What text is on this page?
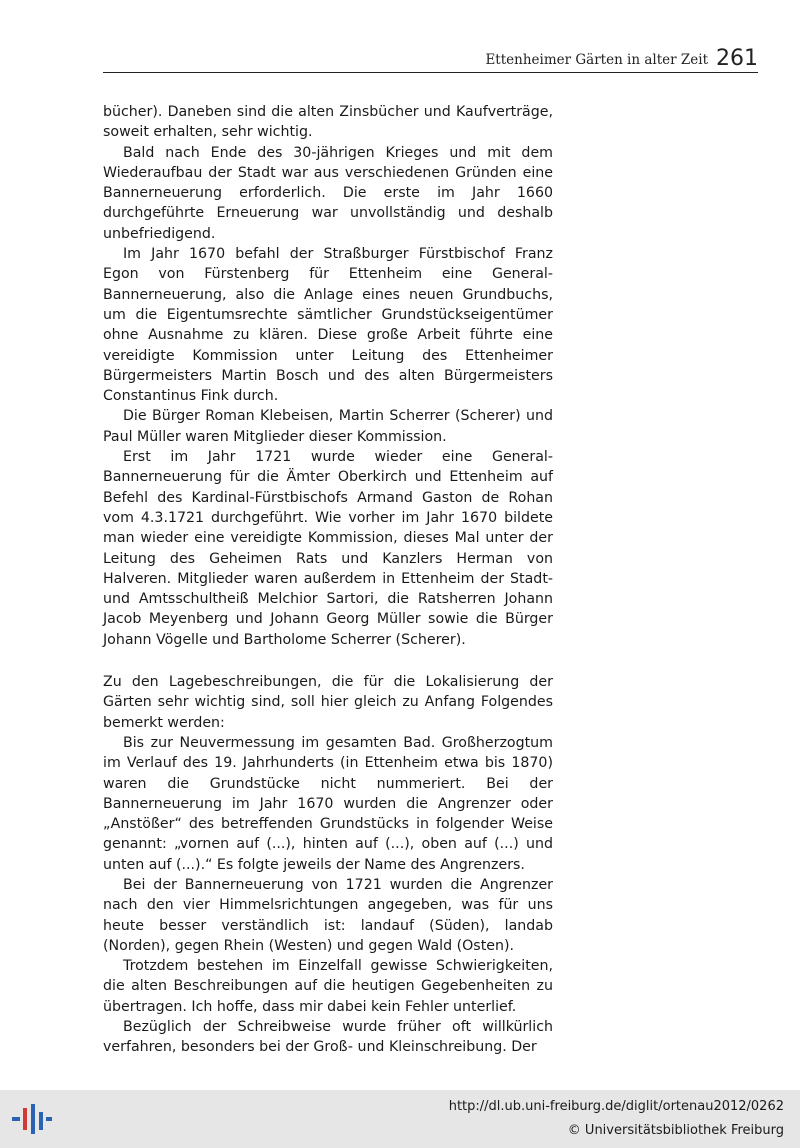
Ettenheimer Gärten in alter Zeit 261

bücher). Daneben sind die alten Zinsbücher und Kaufverträge, soweit erhalten, sehr wichtig.

Bald nach Ende des 30-jährigen Krieges und mit dem Wiederaufbau der Stadt war aus verschiedenen Gründen eine Bannerneuerung erforderlich. Die erste im Jahr 1660 durchgeführte Erneuerung war unvollständig und deshalb unbefriedigend.

Im Jahr 1670 befahl der Straßburger Fürstbischof Franz Egon von Fürstenberg für Ettenheim eine General-Bannerneuerung, also die Anlage eines neuen Grundbuchs, um die Eigentumsrechte sämtlicher Grundstückseigentümer ohne Ausnahme zu klären. Diese große Arbeit führte eine vereidigte Kommission unter Leitung des Ettenheimer Bürgermeisters Martin Bosch und des alten Bürgermeisters Constantinus Fink durch.

Die Bürger Roman Klebeisen, Martin Scherrer (Scherer) und Paul Müller waren Mitglieder dieser Kommission.

Erst im Jahr 1721 wurde wieder eine General-Bannerneuerung für die Ämter Oberkirch und Ettenheim auf Befehl des Kardinal-Fürstbischofs Armand Gaston de Rohan vom 4.3.1721 durchgeführt. Wie vorher im Jahr 1670 bildete man wieder eine vereidigte Kommission, dieses Mal unter der Leitung des Geheimen Rats und Kanzlers Herman von Halveren. Mitglieder waren außerdem in Ettenheim der Stadt- und Amtsschultheiß Melchior Sartori, die Ratsherren Johann Jacob Meyenberg und Johann Georg Müller sowie die Bürger Johann Vögelle und Bartholome Scherrer (Scherer).

Zu den Lagebeschreibungen, die für die Lokalisierung der Gärten sehr wichtig sind, soll hier gleich zu Anfang Folgendes bemerkt werden:

Bis zur Neuvermessung im gesamten Bad. Großherzogtum im Verlauf des 19. Jahrhunderts (in Ettenheim etwa bis 1870) waren die Grundstücke nicht nummeriert. Bei der Bannerneuerung im Jahr 1670 wurden die Angrenzer oder „Anstößer“ des betreffenden Grundstücks in folgender Weise genannt: „vornen auf (...), hinten auf (...), oben auf (...) und unten auf (...).“ Es folgte jeweils der Name des Angrenzers.

Bei der Bannerneuerung von 1721 wurden die Angrenzer nach den vier Himmelsrichtungen angegeben, was für uns heute besser verständlich ist: landauf (Süden), landab (Norden), gegen Rhein (Westen) und gegen Wald (Osten).

Trotzdem bestehen im Einzelfall gewisse Schwierigkeiten, die alten Beschreibungen auf die heutigen Gegebenheiten zu übertragen. Ich hoffe, dass mir dabei kein Fehler unterlief.

Bezüglich der Schreibweise wurde früher oft willkürlich verfahren, besonders bei der Groß- und Kleinschreibung. Der

http://dl.ub.uni-freiburg.de/diglit/ortenau2012/0262
© Universitätsbibliothek Freiburg
